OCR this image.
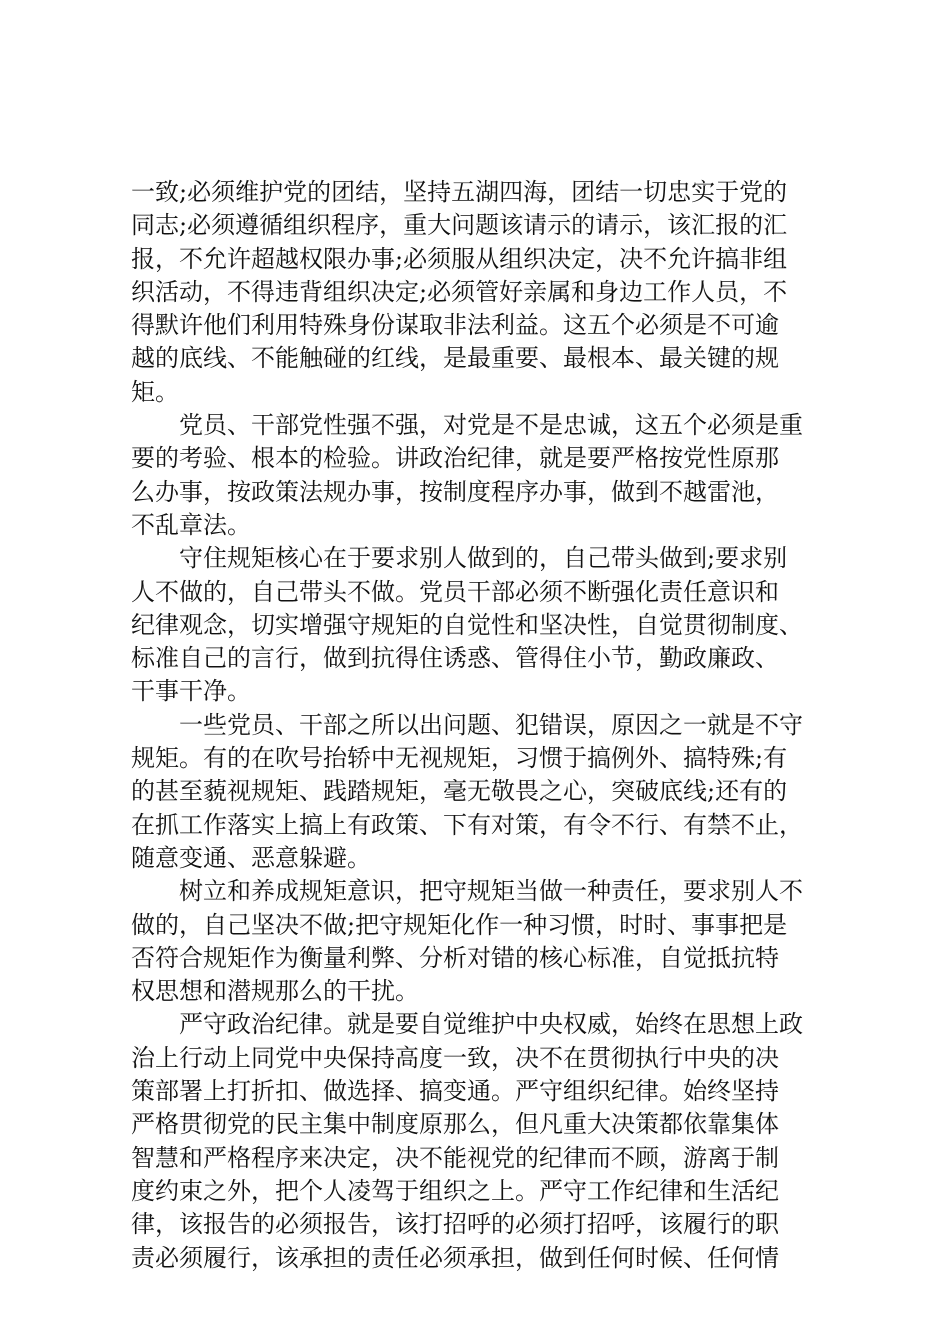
一致;必须维护党的团结，坚持五湖四海，团结一切忠实于党的
同志;必须遵循组织程序，重大问题该请示的请示，该汇报的汇
报，不允许超越权限办事;必须服从组织决定，决不允许搞非组
织活动，不得违背组织决定;必须管好亲属和身边工作人员，不
得默许他们利用特殊身份谋取非法利益。这五个必须是不可逾
越的底线、不能触碰的红线，是最重要、最根本、最关键的规
矩。

党员、干部党性强不强，对党是不是忠诚，这五个必须是重
要的考验、根本的检验。讲政治纪律，就是要严格按党性原那
么办事，按政策法规办事，按制度程序办事，做到不越雷池，
不乱章法。

守住规矩核心在于要求别人做到的，自己带头做到;要求别
人不做的，自己带头不做。党员干部必须不断强化责任意识和
纪律观念，切实增强守规矩的自觉性和坚决性，自觉贯彻制度、
标准自己的言行，做到抗得住诱惑、管得住小节，勤政廉政、
干事干净。

一些党员、干部之所以出问题、犯错误，原因之一就是不守
规矩。有的在吹号抬轿中无视规矩，习惯于搞例外、搞特殊;有
的甚至藐视规矩、践踏规矩，毫无敬畏之心，突破底线;还有的
在抓工作落实上搞上有政策、下有对策，有令不行、有禁不止，
随意变通、恶意躲避。

树立和养成规矩意识，把守规矩当做一种责任，要求别人不
做的，自己坚决不做;把守规矩化作一种习惯，时时、事事把是
否符合规矩作为衡量利弊、分析对错的核心标准，自觉抵抗特
权思想和潜规那么的干扰。

严守政治纪律。就是要自觉维护中央权威，始终在思想上政
治上行动上同党中央保持高度一致，决不在贯彻执行中央的决
策部署上打折扣、做选择、搞变通。严守组织纪律。始终坚持
严格贯彻党的民主集中制度原那么，但凡重大决策都依靠集体
智慧和严格程序来决定，决不能视党的纪律而不顾，游离于制
度约束之外，把个人凌驾于组织之上。严守工作纪律和生活纪
律，该报告的必须报告，该打招呼的必须打招呼，该履行的职
责必须履行，该承担的责任必须承担，做到任何时候、任何情
